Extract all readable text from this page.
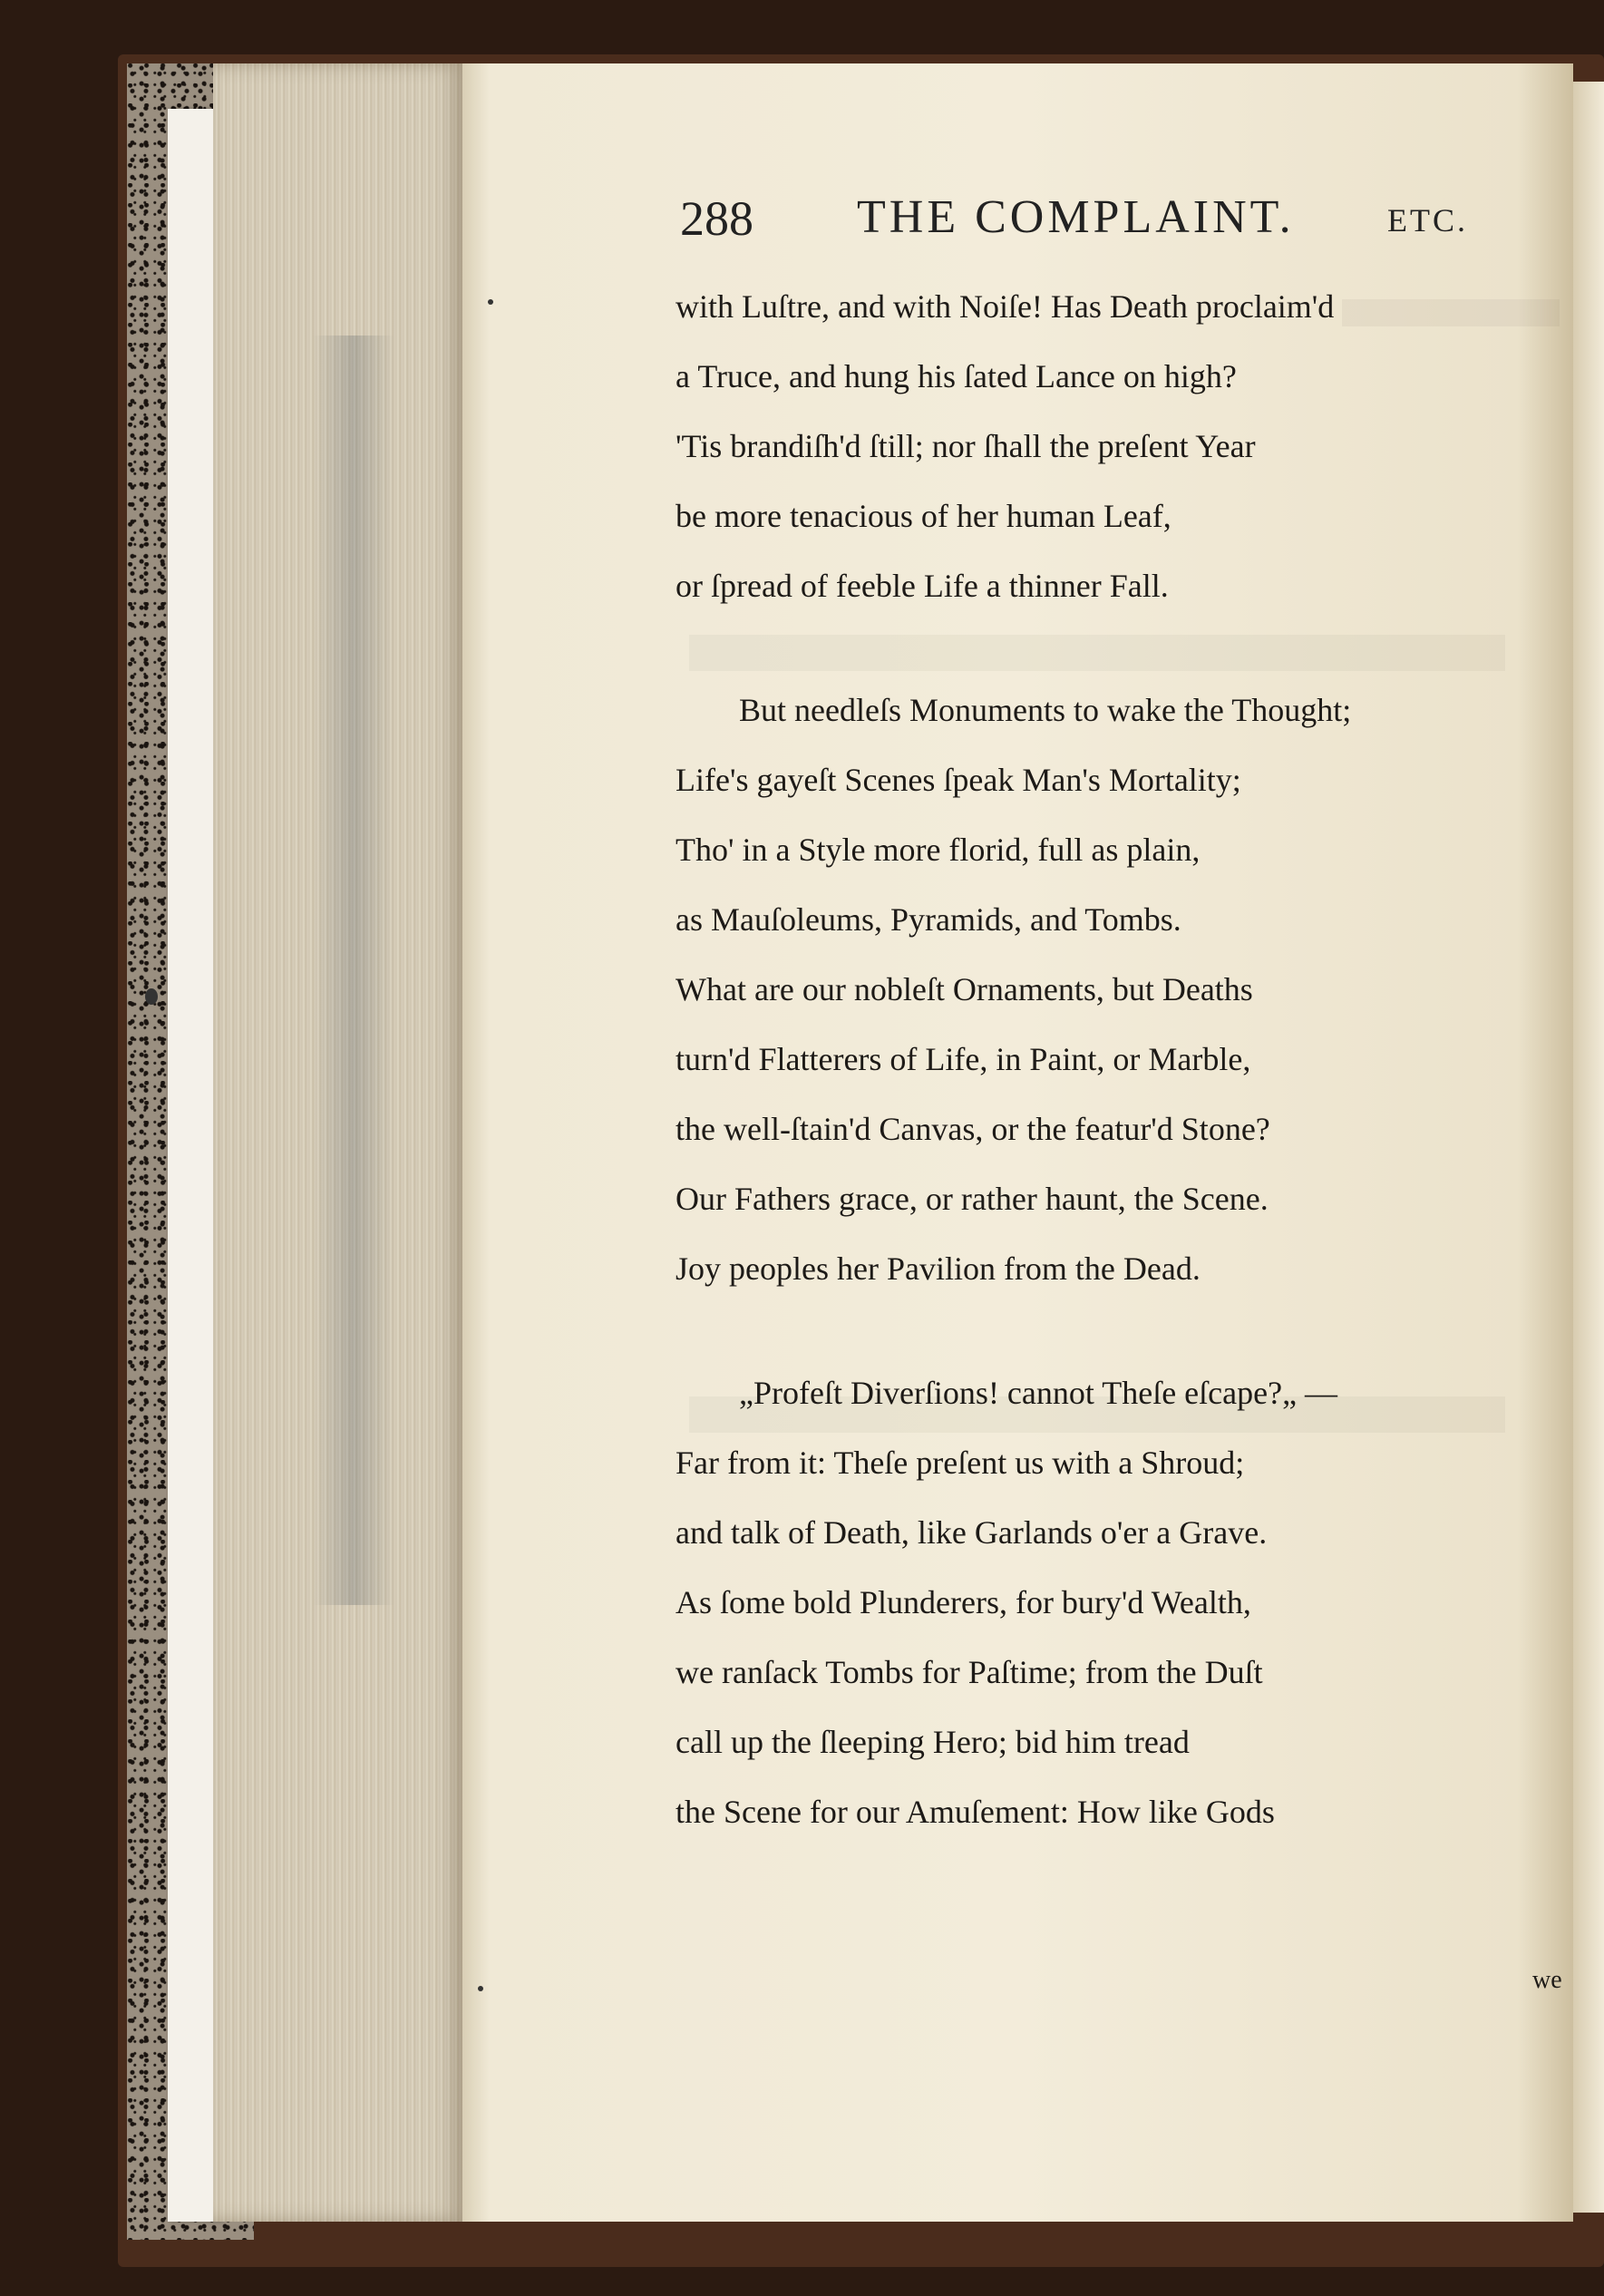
288 THE COMPLAINT.	ETC.
with Luſtre, and with Noiſe! Has Death proclaim'd
a Truce, and hung his ſated Lance on high?
'Tis brandiſh'd ſtill; nor ſhall the preſent Year
be more tenacious of her human Leaf,
or ſpread of feeble Life a thinner Fall.
But needleſs Monuments to wake the Thought;
Life's gayeſt Scenes ſpeak Man's Mortality;
Tho' in a Style more florid, full as plain,
as Mauſoleums, Pyramids, and Tombs.
What are our nobleſt Ornaments, but Deaths
turn'd Flatterers of Life, in Paint, or Marble,
the well-ſtain'd Canvas, or the featur'd Stone?
Our Fathers grace, or rather haunt, the Scene.
Joy peoples her Pavilion from the Dead.
„Profeſt Diverſions! cannot Theſe eſcape?„ —
Far from it: Theſe preſent us with a Shroud;
and talk of Death, like Garlands o'er a Grave.
As ſome bold Plunderers, for bury'd Wealth,
we ranſack Tombs for Paſtime; from the Duſt
call up the ſleeping Hero; bid him tread
the Scene for our Amuſement: How like Gods
we
